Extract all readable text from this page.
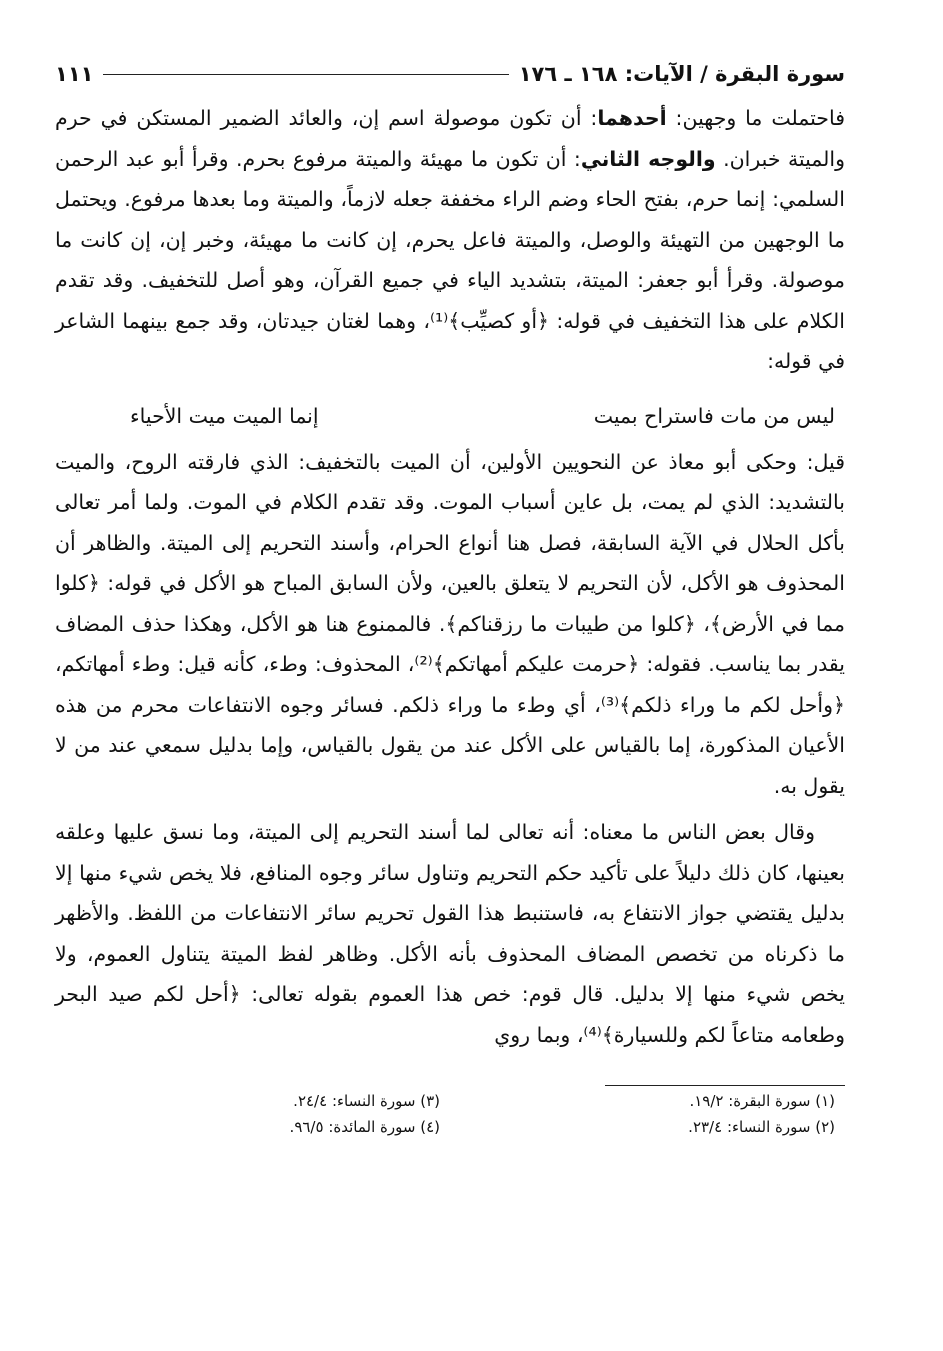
سورة البقرة / الآيات: ١٦٨ ـ ١٧٦
١١١

فاحتملت ما وجهين: أحدهما: أن تكون موصولة اسم إن، والعائد الضمير المستكن في حرم والميتة خبران. والوجه الثاني: أن تكون ما مهيئة والميتة مرفوع بحرم. وقرأ أبو عبد الرحمن السلمي: إنما حرم، بفتح الحاء وضم الراء مخففة جعله لازماً، والميتة وما بعدها مرفوع. ويحتمل ما الوجهين من التهيئة والوصل، والميتة فاعل يحرم، إن كانت ما مهيئة، وخبر إن، إن كانت ما موصولة. وقرأ أبو جعفر: الميتة، بتشديد الياء في جميع القرآن، وهو أصل للتخفيف. وقد تقدم الكلام على هذا التخفيف في قوله: ﴿أو كصيِّب﴾⁽¹⁾، وهما لغتان جيدتان، وقد جمع بينهما الشاعر في قوله:

ليس من مات فاستراح بميت
إنما الميت ميت الأحياء

قيل: وحكى أبو معاذ عن النحويين الأولين، أن الميت بالتخفيف: الذي فارقته الروح، والميت بالتشديد: الذي لم يمت، بل عاين أسباب الموت. وقد تقدم الكلام في الموت. ولما أمر تعالى بأكل الحلال في الآية السابقة، فصل هنا أنواع الحرام، وأسند التحريم إلى الميتة. والظاهر أن المحذوف هو الأكل، لأن التحريم لا يتعلق بالعين، ولأن السابق المباح هو الأكل في قوله: ﴿كلوا مما في الأرض﴾، ﴿كلوا من طيبات ما رزقناكم﴾. فالممنوع هنا هو الأكل، وهكذا حذف المضاف يقدر بما يناسب. فقوله: ﴿حرمت عليكم أمهاتكم﴾⁽²⁾، المحذوف: وطء، كأنه قيل: وطء أمهاتكم، ﴿وأحل لكم ما وراء ذلكم﴾⁽³⁾، أي وطء ما وراء ذلكم. فسائر وجوه الانتفاعات محرم من هذه الأعيان المذكورة، إما بالقياس على الأكل عند من يقول بالقياس، وإما بدليل سمعي عند من لا يقول به.

وقال بعض الناس ما معناه: أنه تعالى لما أسند التحريم إلى الميتة، وما نسق عليها وعلقه بعينها، كان ذلك دليلاً على تأكيد حكم التحريم وتناول سائر وجوه المنافع، فلا يخص شيء منها إلا بدليل يقتضي جواز الانتفاع به، فاستنبط هذا القول تحريم سائر الانتفاعات من اللفظ. والأظهر ما ذكرناه من تخصص المضاف المحذوف بأنه الأكل. وظاهر لفظ الميتة يتناول العموم، ولا يخص شيء منها إلا بدليل. قال قوم: خص هذا العموم بقوله تعالى: ﴿أحل لكم صيد البحر وطعامه متاعاً لكم وللسيارة﴾⁽⁴⁾، وبما روي

(١) سورة البقرة: ١٩/٢.
(٢) سورة النساء: ٢٣/٤.
(٣) سورة النساء: ٢٤/٤.
(٤) سورة المائدة: ٩٦/٥.
